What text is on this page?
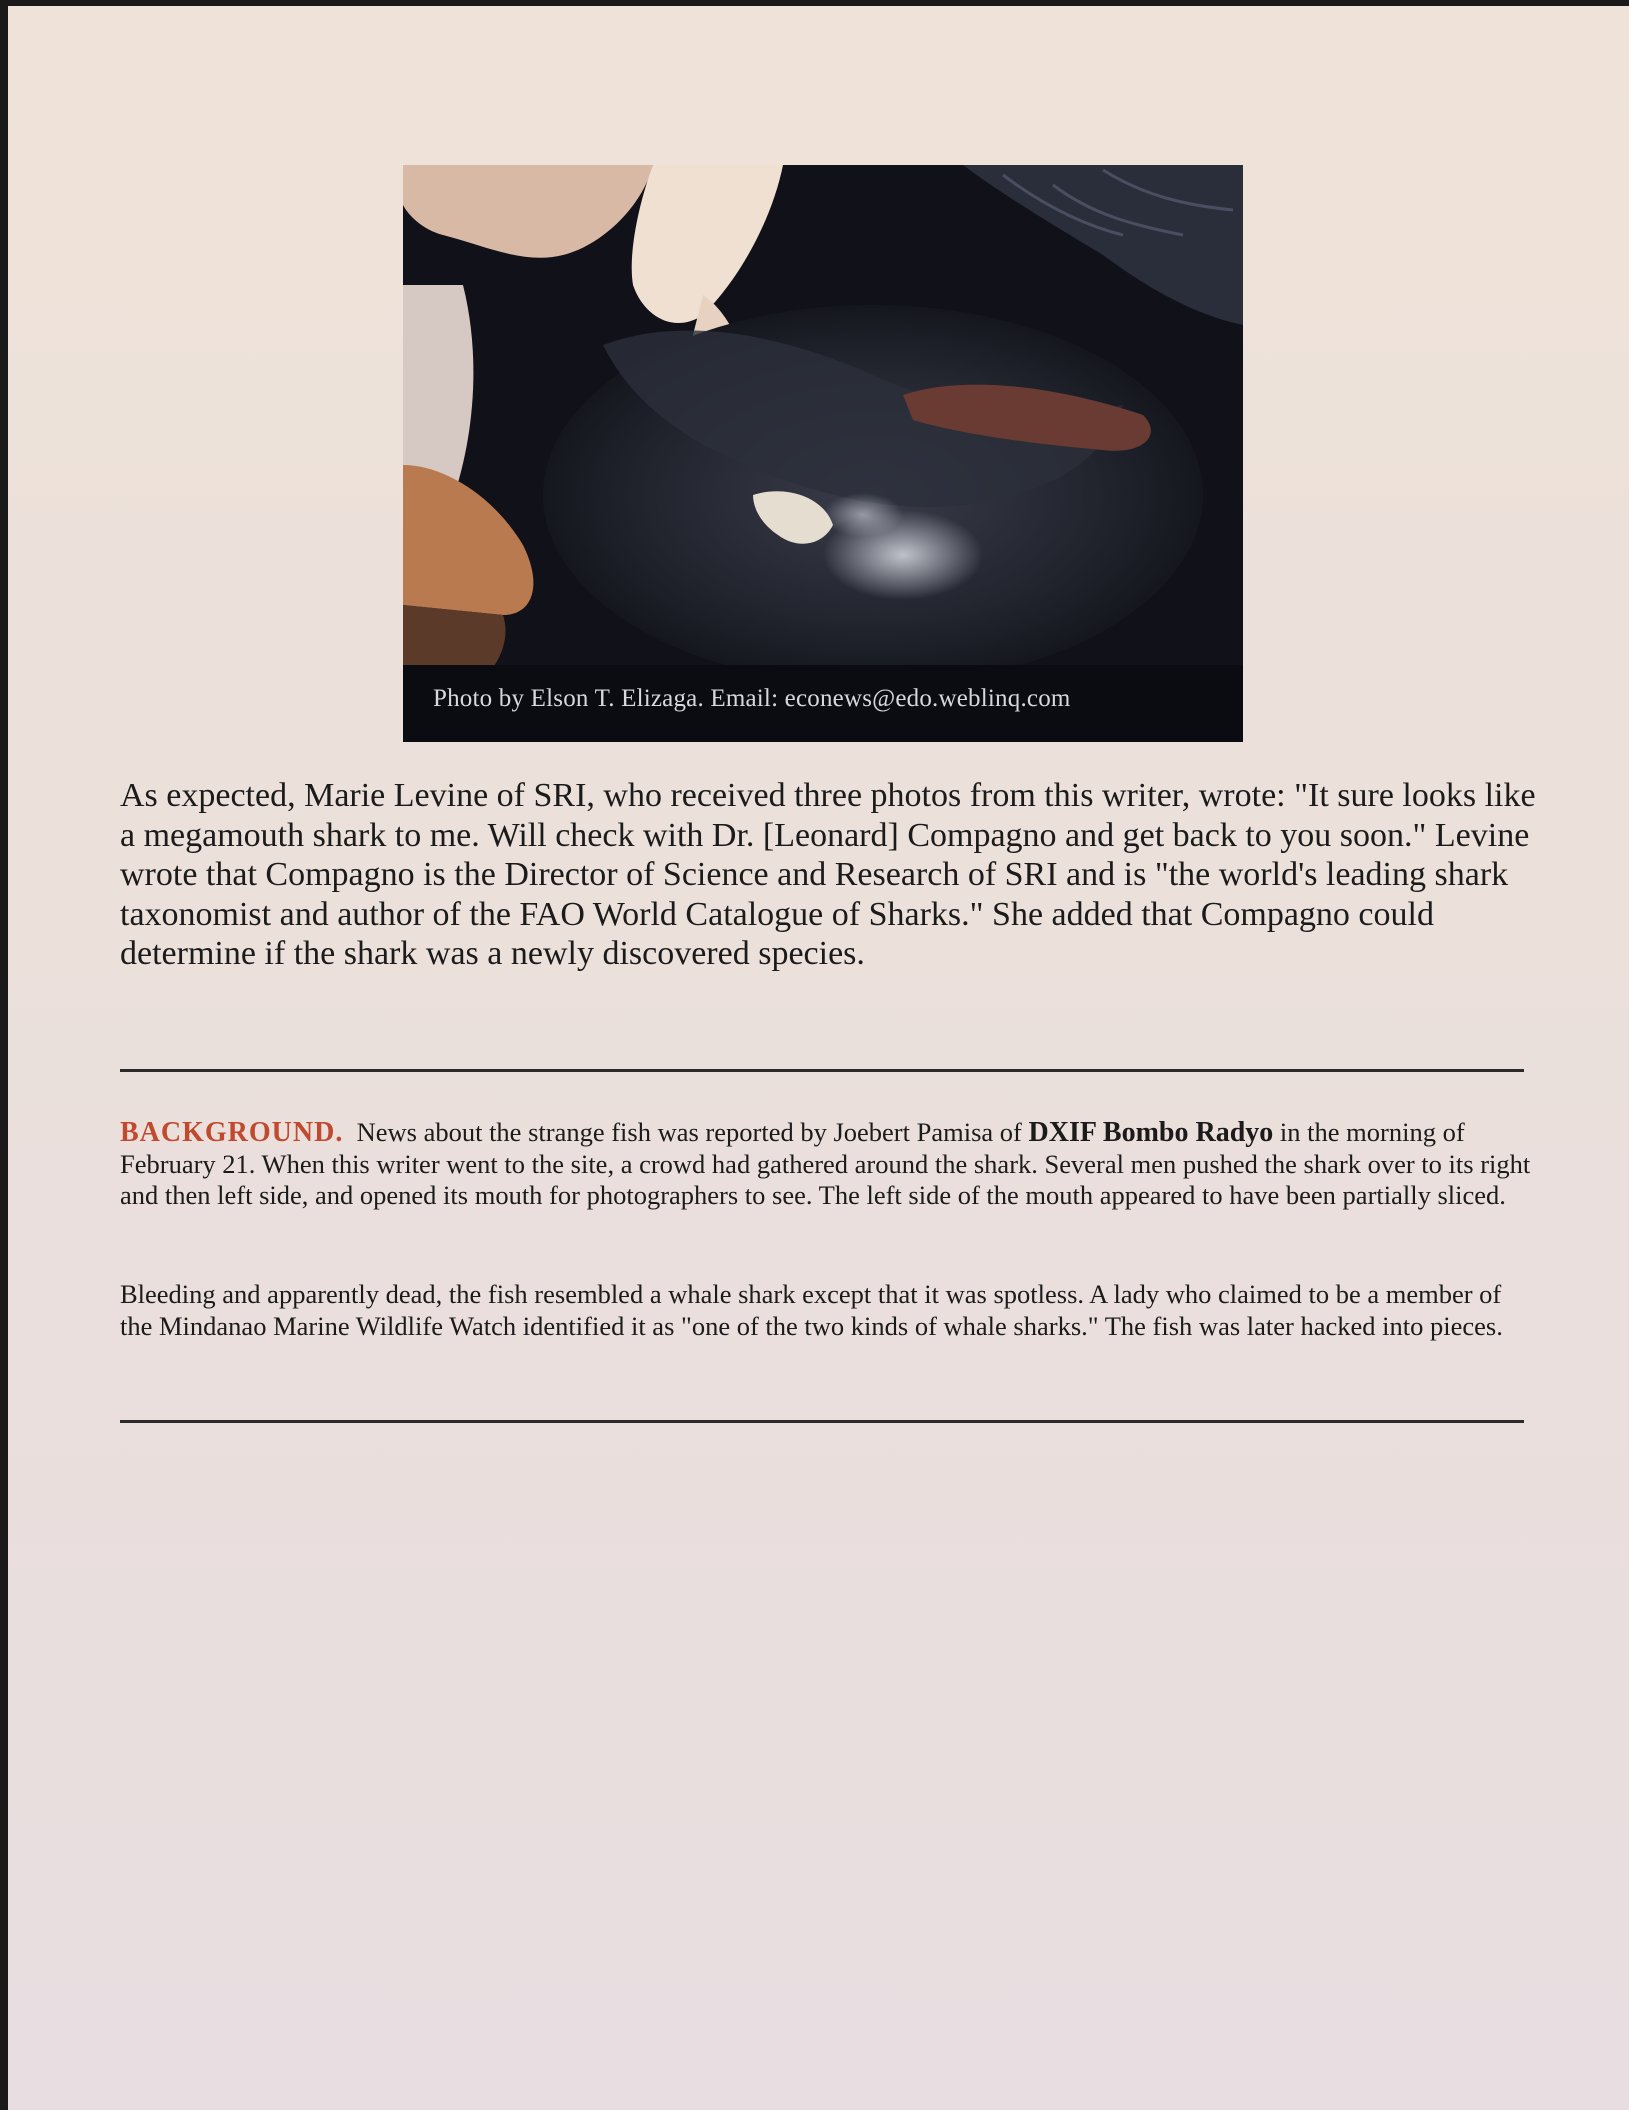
Photo by Elson T. Elizaga. Email: econews@edo.weblinq.com

As expected, Marie Levine of SRI, who received three photos from this writer, wrote: "It sure looks like a megamouth shark to me. Will check with Dr. [Leonard] Compagno and get back to you soon." Levine wrote that Compagno is the Director of Science and Research of SRI and is "the world's leading shark taxonomist and author of the FAO World Catalogue of Sharks." She added that Compagno could determine if the shark was a newly discovered species.

BACKGROUND. News about the strange fish was reported by Joebert Pamisa of DXIF Bombo Radyo in the morning of February 21. When this writer went to the site, a crowd had gathered around the shark. Several men pushed the shark over to its right and then left side, and opened its mouth for photographers to see. The left side of the mouth appeared to have been partially sliced.

Bleeding and apparently dead, the fish resembled a whale shark except that it was spotless. A lady who claimed to be a member of the Mindanao Marine Wildlife Watch identified it as "one of the two kinds of whale sharks." The fish was later hacked into pieces.
